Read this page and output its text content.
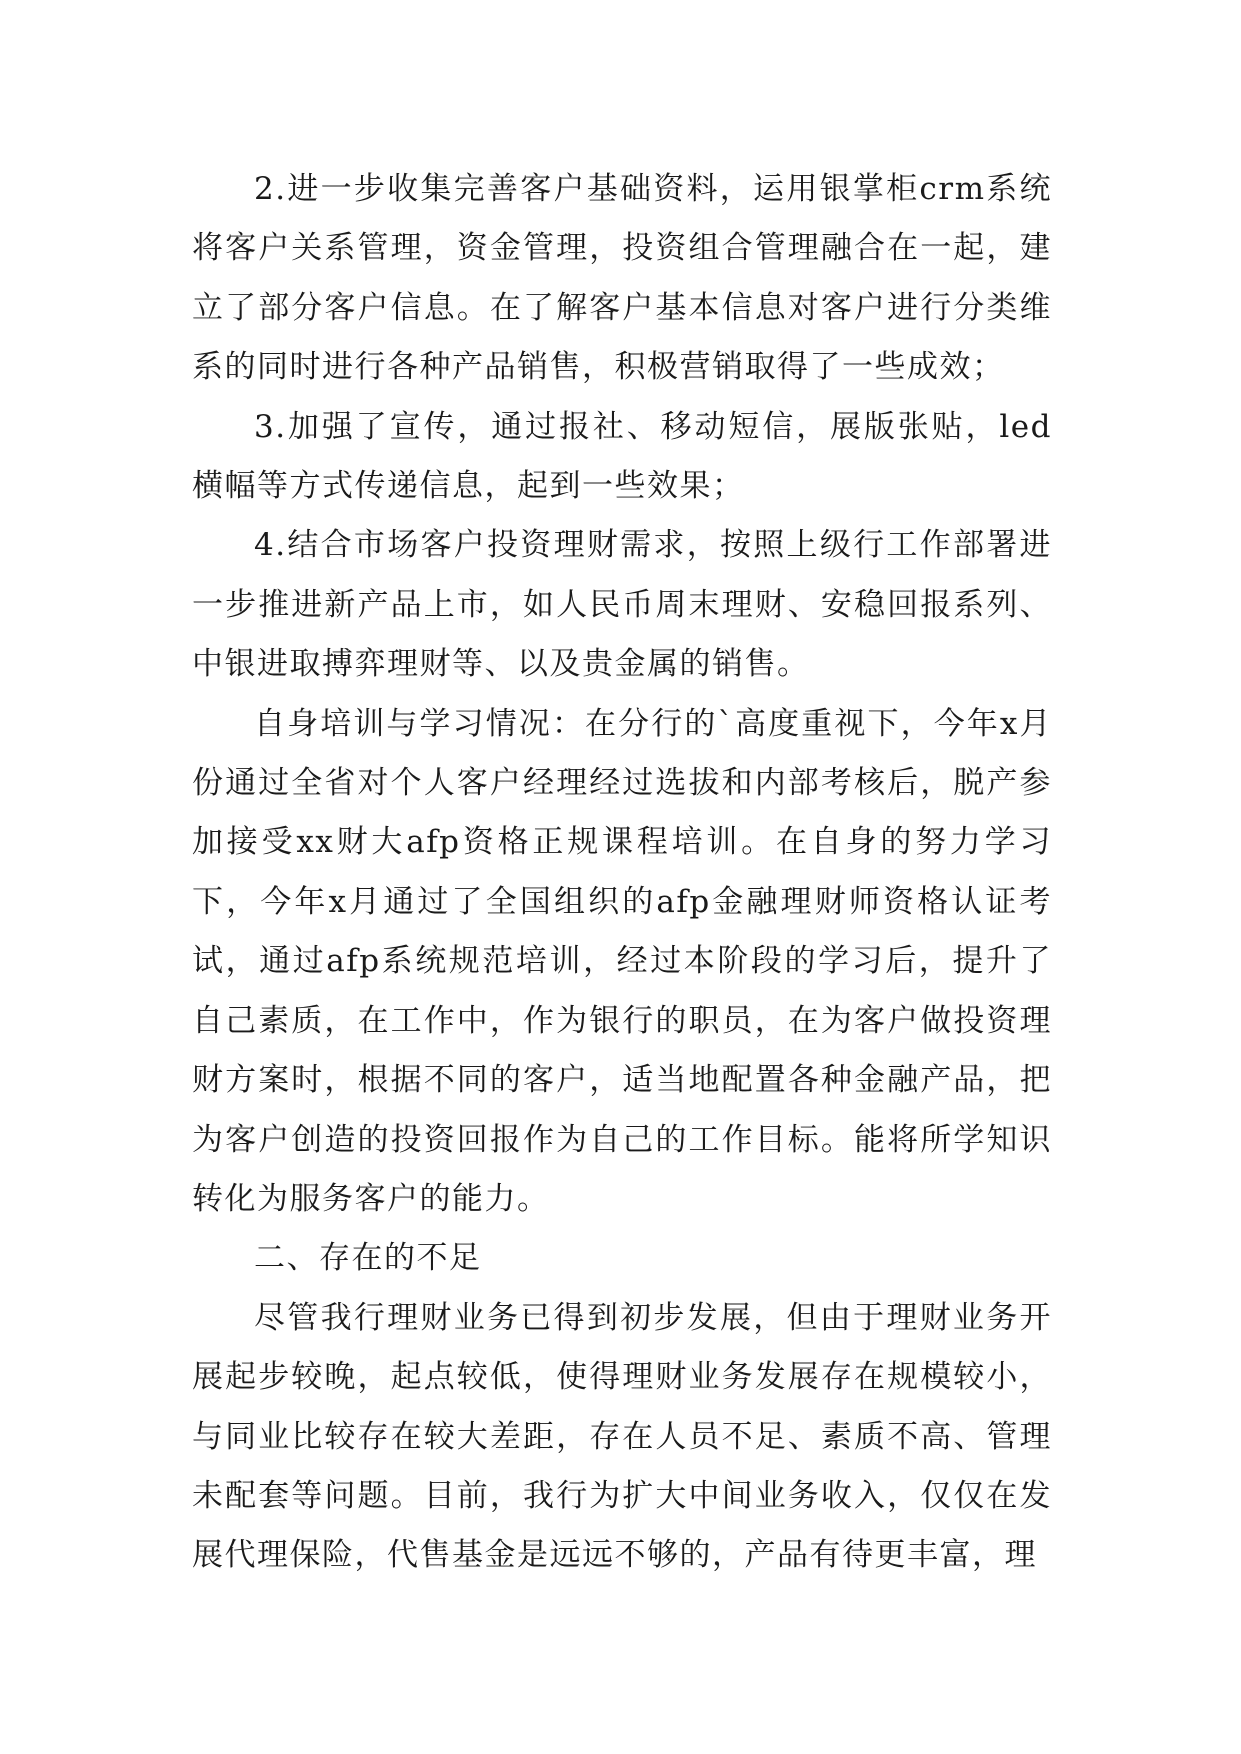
2.进一步收集完善客户基础资料，运用银掌柜crm系统将客户关系管理，资金管理，投资组合管理融合在一起，建立了部分客户信息。在了解客户基本信息对客户进行分类维系的同时进行各种产品销售，积极营销取得了一些成效；

3.加强了宣传，通过报社、移动短信，展版张贴，led横幅等方式传递信息，起到一些效果；

4.结合市场客户投资理财需求，按照上级行工作部署进一步推进新产品上市，如人民币周末理财、安稳回报系列、中银进取搏弈理财等、以及贵金属的销售。

自身培训与学习情况：在分行的`高度重视下，今年x月份通过全省对个人客户经理经过选拔和内部考核后，脱产参加接受xx财大afp资格正规课程培训。在自身的努力学习下，今年x月通过了全国组织的afp金融理财师资格认证考试，通过afp系统规范培训，经过本阶段的学习后，提升了自己素质，在工作中，作为银行的职员，在为客户做投资理财方案时，根据不同的客户，适当地配置各种金融产品，把为客户创造的投资回报作为自己的工作目标。能将所学知识转化为服务客户的能力。

二、存在的不足

尽管我行理财业务已得到初步发展，但由于理财业务开展起步较晚，起点较低，使得理财业务发展存在规模较小，与同业比较存在较大差距，存在人员不足、素质不高、管理未配套等问题。目前，我行为扩大中间业务收入，仅仅在发展代理保险，代售基金是远远不够的，产品有待更丰富，理
